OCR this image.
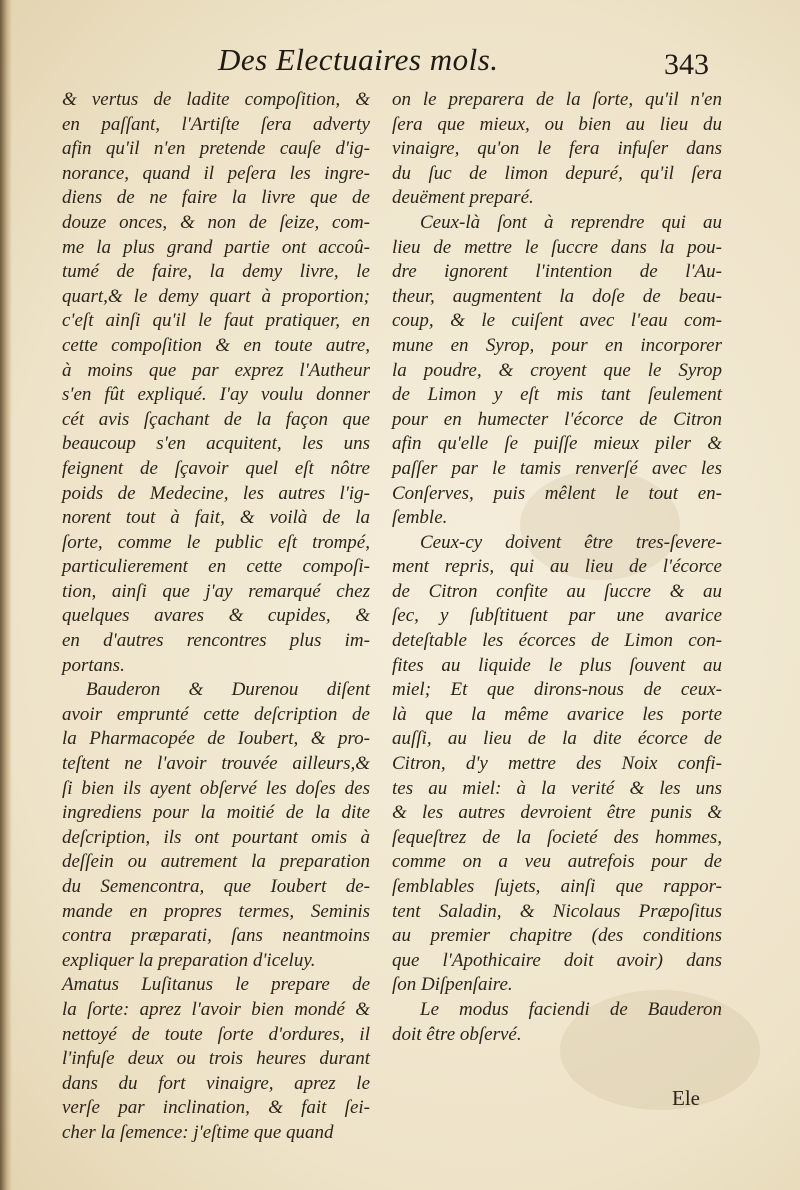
Des Electuaires mols.	343
& vertus de ladite compoſition, &
en paſſant, l'Artiſte ſera adverty
afin qu'il n'en pretende cauſe d'ig-
norance, quand il peſera les ingre-
diens de ne faire la livre que de
douze onces, & non de ſeize, com-
me la plus grand partie ont accoû-
tumé de faire, la demy livre, le
quart,& le demy quart à proportion;
c'eſt ainſi qu'il le faut pratiquer, en
cette compoſition & en toute autre,
à moins que par exprez l'Autheur
s'en fût expliqué. I'ay voulu donner
cét avis ſçachant de la façon que
beaucoup s'en acquitent, les uns
feignent de ſçavoir quel eſt nôtre
poids de Medecine, les autres l'ig-
norent tout à fait, & voilà de la
ſorte, comme le public eſt trompé,
particulierement en cette compoſi-
tion, ainſi que j'ay remarqué chez
quelques avares & cupides, &
en d'autres rencontres plus im-
portans.
Bauderon & Durenou diſent
avoir emprunté cette deſcription de
la Pharmacopée de Ioubert, & pro-
teſtent ne l'avoir trouvée ailleurs,&
ſi bien ils ayent obſervé les doſes des
ingrediens pour la moitié de la dite
deſcription, ils ont pourtant omis à
deſſein ou autrement la preparation
du Semencontra, que Ioubert de-
mande en propres termes, Seminis
contra præparati, ſans neantmoins
expliquer la preparation d'iceluy.
Amatus Luſitanus le prepare de
la ſorte: aprez l'avoir bien mondé &
nettoyé de toute ſorte d'ordures, il
l'infuſe deux ou trois heures durant
dans du fort vinaigre, aprez le
verſe par inclination, & fait ſei-
cher la ſemence: j'eſtime que quand
on le preparera de la ſorte, qu'il n'en
ſera que mieux, ou bien au lieu du
vinaigre, qu'on le fera infuſer dans
du ſuc de limon depuré, qu'il ſera
deuëment preparé.
Ceux-là ſont à reprendre qui au
lieu de mettre le ſuccre dans la pou-
dre ignorent l'intention de l'Au-
theur, augmentent la doſe de beau-
coup, & le cuiſent avec l'eau com-
mune en Syrop, pour en incorporer
la poudre, & croyent que le Syrop
de Limon y eſt mis tant ſeulement
pour en humecter l'écorce de Citron
afin qu'elle ſe puiſſe mieux piler &
paſſer par le tamis renverſé avec les
Conſerves, puis mêlent le tout en-
ſemble.
Ceux-cy doivent être tres-ſevere-
ment repris, qui au lieu de l'écorce
de Citron confite au ſuccre & au
ſec, y ſubſtituent par une avarice
deteſtable les écorces de Limon con-
fites au liquide le plus ſouvent au
miel; Et que dirons-nous de ceux-
là que la même avarice les porte
auſſi, au lieu de la dite écorce de
Citron, d'y mettre des Noix confi-
tes au miel: à la verité & les uns
& les autres devroient être punis &
ſequeſtrez de la ſocieté des hommes,
comme on a veu autrefois pour de
ſemblables ſujets, ainſi que rappor-
tent Saladin, & Nicolaus Præpoſitus
au premier chapitre (des conditions
que l'Apothicaire doit avoir) dans
ſon Diſpenſaire.
Le modus faciendi de Bauderon
doit être obſervé.
Ele
